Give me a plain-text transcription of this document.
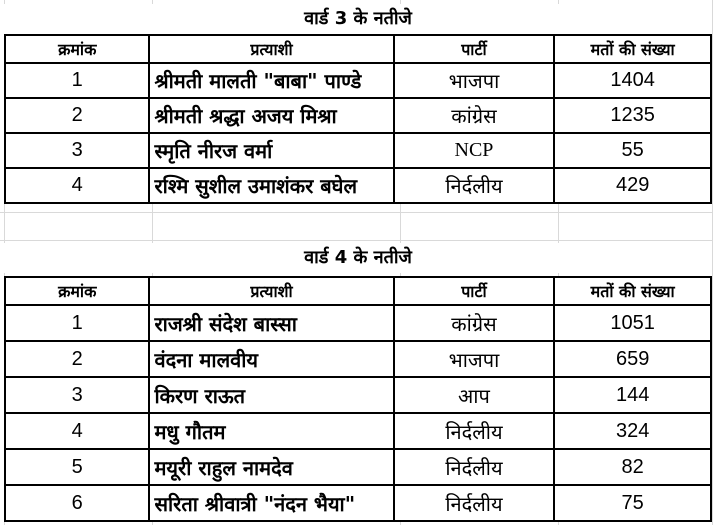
वार्ड 3 के नतीजे
क्रमांक	प्रत्याशी	पार्टी	मतों की संख्या
1	श्रीमती मालती "बाबा" पाण्डे	भाजपा	1404
2	श्रीमती श्रद्धा अजय मिश्रा	कांग्रेस	1235
3	स्मृति नीरज वर्मा	NCP	55
4	रश्मि सुशील उमाशंकर बघेल	निर्दलीय	429
वार्ड 4 के नतीजे
क्रमांक	प्रत्याशी	पार्टी	मतों की संख्या
1	राजश्री संदेश बास्सा	कांग्रेस	1051
2	वंदना मालवीय	भाजपा	659
3	किरण राऊत	आप	144
4	मधु गौतम	निर्दलीय	324
5	मयूरी राहुल नामदेव	निर्दलीय	82
6	सरिता श्रीवात्री "नंदन भैया"	निर्दलीय	75
